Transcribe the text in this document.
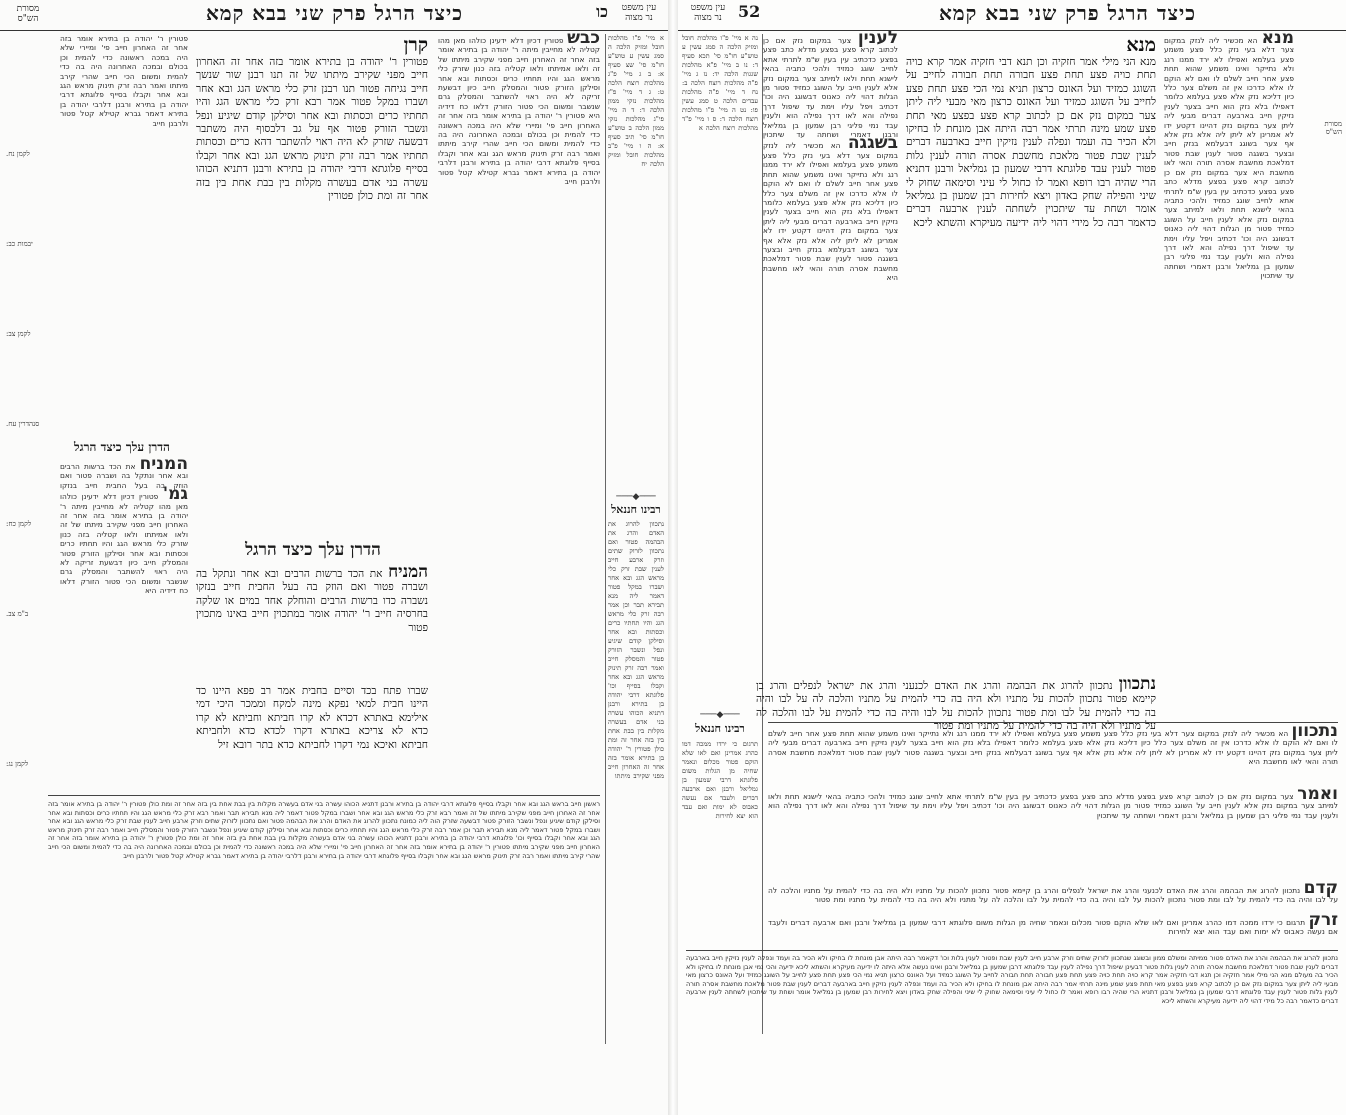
עין משפט
נר מצוה
כו
כיצד הרגל פרק שני בבא קמא
מסורת
הש"ס
א מיי' פ"ו מהלכות חובל ומזיק הלכה ה סמג עשין ע טוש"ע חו"מ סי' שצ סעיף א: ב ג מיי' פ"ג מהלכות רוצח הלכה ט: ג ד מיי' פ"ז מהלכות נזקי ממון הלכה ד: ד ה מיי' פי"ג מהלכות נזקי ממון הלכה ב טוש"ע חו"מ סי' תיב סעיף א: ה ו מיי' פ"ב מהלכות חובל ומזיק הלכה יח
כבש פטורין דכיון דלא ידעינן כולהו מאן מהו קטליה לא מחייבין מיתה ר' יהודה בן בתירא אומר בזה אחר זה האחרון חייב מפני שקירב מיתתו של זה ולאו אמיתתו ולאו קטליה בזה כנון שזרק כלי מראש הגג והיו תחתיו כרים וכסתות ובא אחר וסילקן הזורק פטור והמסלק חייב כיון דבשעת זריקה לא היה ראוי להשתבר והמסלק גרם שנשבר ומשום הכי פטור הזורק דלאו כח דידיה היא פטורין ר' יהודה בן בתירא אומר בזה אחר זה האחרון חייב פי' ומיירי שלא היה במכה ראשונה כדי להמית וכן בכולם ובמכה האחרונה היה בה כדי להמית ומשום הכי חייב שהרי קירב מיתתו ואמר רבה זרק תינוק מראש הגג ובא אחר וקבלו בסייף פלוגתא דרבי יהודה בן בתירא ורבנן דלרבי יהודה בן בתירא דאמר גברא קטילא קטל פטור ולרבנן חייב
קרן
פטורין ר' יהודה בן בתירא אומר בזה אחר זה האחרון חייב מפני שקירב מיתתו של זה תנו רבנן שור שנשך חייב נגיחה פטור תנו רבנן זרק כלי מראש הגג ובא אחר ושברו במקל פטור אמר רבא זרק כלי מראש הגג והיו תחתיו כרים וכסתות ובא אחר וסילקן קודם שיגיע ונפל ונשבר הזורק פטור אף על גב דלבסוף היה משתבר דבשעה שזרק לא היה ראוי להשתבר דהא כרים וכסתות תחתיו אמר רבה זרק תינוק מראש הגג ובא אחר וקבלו בסייף פלוגתא דרבי יהודה בן בתירא ורבנן דתניא הכוהו עשרה בני אדם בעשרה מקלות בין בבת אחת בין בזה אחר זה ומת כולן פטורין
הדרן עלך כיצד הרגל
המניח את הכד ברשות הרבים ובא אחר ונתקל בה ושברה פטור ואם הוזק בה בעל החבית חייב בנזקו נשברה כדו ברשות הרבים והוחלק אחד במים או שלקה בחרסיה חייב ר' יהודה אומר במתכוין חייב באינו מתכוין פטור
שברו פתח בכד וסיים בחבית אמר רב פפא היינו כד היינו חבית למאי נפקא מינה למקח וממכר היכי דמי אילימא באתרא דכדא לא קרו חביתא וחביתא לא קרו כדא לא צריכא באתרא דקרו לכדא כדא ולחביתא חביתא ואיכא נמי דקרו לחביתא כדא בתר רובא זיל
פטורין ר' יהודה בן בתירא אומר בזה אחר זה האחרון חייב פי' ומיירי שלא היה במכה ראשונה כדי להמית וכן בכולם ובמכה האחרונה היה בה כדי להמית ומשום הכי חייב שהרי קירב מיתתו ואמר רבה זרק תינוק מראש הגג ובא אחר וקבלו בסייף פלוגתא דרבי יהודה בן בתירא ורבנן דלרבי יהודה בן בתירא דאמר גברא קטילא קטל פטור ולרבנן חייב
הדרן עלך כיצד הרגל
המניח את הכד ברשות הרבים ובא אחר ונתקל בה ושברה פטור ואם הוזק בה בעל החבית חייב בנזקו גמ' פטורין דכיון דלא ידעינן כולהו מאן מהו קטליה לא מחייבין מיתה ר' יהודה בן בתירא אומר בזה אחר זה האחרון חייב מפני שקירב מיתתו של זה ולאו אמיתתו ולאו קטליה בזה כנון שזרק כלי מראש הגג והיו תחתיו כרים וכסתות ובא אחר וסילקן הזורק פטור והמסלק חייב כיון דבשעת זריקה לא היה ראוי להשתבר והמסלק גרם שנשבר ומשום הכי פטור הזורק דלאו כח דידיה היא
לקמן נח.
יבמות כב:
לקמן צב:
סנהדרין עח.
לקמן כח:
ב"מ צב.
לקמן נג:
───◆───
רבינו חננאל
נתכוון להרוג את האדם והרג את הבהמה פטור ואם נתכוון לזרוק שתים וזרק ארבע חייב לענין שבת זרק כלי מראש הגג ובא אחר ושברו במקל פטור דאמר ליה מנא תבירא תבר וכן אמר רבה זרק כלי מראש הגג והיו תחתיו כרים וכסתות ובא אחר וסילקן קודם שיגיע ונפל ונשבר הזורק פטור והמסלק חייב ואמר רבה זרק תינוק מראש הגג ובא אחר וקבלו בסייף וכו' פלוגתא דרבי יהודה בן בתירא ורבנן דתניא הכוהו עשרה בני אדם בעשרה מקלות בין בבת אחת בין בזה אחר זה ומת כולן פטורין ר' יהודה בן בתירא אומר בזה אחר זה האחרון חייב מפני שקירב מיתתו
ראשון חייב בראש הגג ובא אחר וקבלו בסייף פלוגתא דרבי יהודה בן בתירא ורבנן דתניא הכוהו עשרה בני אדם בעשרה מקלות בין בבת אחת בין בזה אחר זה ומת כולן פטורין ר' יהודה בן בתירא אומר בזה אחר זה האחרון חייב מפני שקירב מיתתו של זה ואמר רבא זרק כלי מראש הגג ובא אחר ושברו במקל פטור דאמר ליה מנא תבירא תבר ואמר רבא זרק כלי מראש הגג והיו תחתיו כרים וכסתות ובא אחר וסילקן קודם שיגיע ונפל ונשבר הזורק פטור דבשעה שזרק הוה ליה כמונח נתכוון להרוג את האדם והרג את הבהמה פטור ואם נתכוון לזרוק שתים וזרק ארבע חייב לענין שבת זרק כלי מראש הגג ובא אחר ושברו במקל פטור דאמר ליה מנא תבירא תבר וכן אמר רבה זרק כלי מראש הגג והיו תחתיו כרים וכסתות ובא אחר וסילקן קודם שיגיע ונפל ונשבר הזורק פטור והמסלק חייב ואמר רבה זרק תינוק מראש הגג ובא אחר וקבלו בסייף וכו' פלוגתא דרבי יהודה בן בתירא ורבנן דתניא הכוהו עשרה בני אדם בעשרה מקלות בין בבת אחת בין בזה אחר זה ומת כולן פטורין ר' יהודה בן בתירא אומר בזה אחר זה האחרון חייב מפני שקירב מיתתו פטורין ר' יהודה בן בתירא אומר בזה אחר זה האחרון חייב פי' ומיירי שלא היה במכה ראשונה כדי להמית וכן בכולם ובמכה האחרונה היה בה כדי להמית ומשום הכי חייב שהרי קירב מיתתו ואמר רבה זרק תינוק מראש הגג ובא אחר וקבלו בסייף פלוגתא דרבי יהודה בן בתירא ורבנן דלרבי יהודה בן בתירא דאמר גברא קטילא קטל פטור ולרבנן חייב
עין משפט
נר מצוה	52	כיצד הרגל פרק שני בבא קמא
מנא הא מכשיר ליה לנזק במקום צער דלא בעי נזק כלל פצע משמע פצע בעלמא ואפילו לא ירד ממנו רנג ולא נתייקר ואינו משמע שהוא תחת פצע אחר חייב לשלם לו ואם לא הוקם לו אלא כדרכו אין זה משלם צער כלל כיון דליכא נזק אלא פצע בעלמא כלומר דאפילו בלא נזק הוא חייב בצער לענין נזיקין חייב בארבעה דברים מבעי ליה ליתן צער במקום נזק דהיינו דקטע ידו לא אמרינן לא ליתן ליה אלא נזק אלא אף צער בשוגג דבעלמא בנזק חייב ובצער בשגגה פטור לענין שבת פטור דמלאכת מחשבת אסרה תורה והאי לאו מחשבת היא צער במקום נזק אם כן לכתוב קרא פצע בפצע מדלא כתב פצע בפצע כדכתיב עין בעין ש"מ לתרתי אתא לחייב שוגג כמזיד ולהכי כתביה בהאי לישנא תחת ולאו למיתב צער במקום נזק אלא לענין חייב על השוגג כמזיד פטור מן הגלות דהוי ליה כאנוס דבשוגג היה וכו' דכתיב ויפל עליו וימת עד שיפול דרך נפילה והא לאו דרך נפילה הוא ולענין עבד נמי פליגי רבן שמעון בן גמליאל ורבנן דאמרי ושחתה עד שיתכוין
מסורת
הש"ס
מנא
מנא הני מילי אמר חזקיה וכן תנא דבי חזקיה אמר קרא כויה תחת כויה פצע תחת פצע חבורה תחת חבורה לחייב על השוגג כמזיד ועל האונס כרצון תניא נמי הכי פצע תחת פצע לחייב על השוגג כמזיד ועל האונס כרצון מאי מבעי ליה ליתן צער במקום נזק אם כן לכתוב קרא פצע בפצע מאי תחת פצע שמע מינה תרתי אמר רבה היתה אבן מונחת לו בחיקו ולא הכיר בה ועמד ונפלה לענין נזיקין חייב בארבעה דברים לענין שבת פטור מלאכת מחשבת אסרה תורה לענין גלות פטור לענין עבד פלוגתא דרבי שמעון בן גמליאל ורבנן דתניא הרי שהיה רבו רופא ואמר לו כחול לי עיני וסימאה שחוק לי שיני והפילה שחק באדון ויצא לחירות רבן שמעון בן גמליאל אומר ושחת עד שיתכוין לשחתה לענין ארבעה דברים כדאמר רבה כל מידי דהוי ליה ידיעה מעיקרא והשתא ליכא
לענין צער במקום נזק אם כן לכתוב קרא פצע בפצע מדלא כתב פצע בפצע כדכתיב עין בעין ש"מ לתרתי אתא לחייב שוגג כמזיד ולהכי כתביה בהאי לישנא תחת ולאו למיתב צער במקום נזק אלא לענין חייב על השוגג כמזיד פטור מן הגלות דהוי ליה כאנוס דבשוגג היה וכו' דכתיב ויפל עליו וימת עד שיפול דרך נפילה והא לאו דרך נפילה הוא ולענין עבד נמי פליגי רבן שמעון בן גמליאל ורבנן דאמרי ושחתה עד שיתכוין בשגגה הא מכשיר ליה לנזק במקום צער דלא בעי נזק כלל פצע משמע פצע בעלמא ואפילו לא ירד ממנו רנג ולא נתייקר ואינו משמע שהוא תחת פצע אחר חייב לשלם לו ואם לא הוקם לו אלא כדרכו אין זה משלם צער כלל כיון דליכא נזק אלא פצע בעלמא כלומר דאפילו בלא נזק הוא חייב בצער לענין נזיקין חייב בארבעה דברים מבעי ליה ליתן צער במקום נזק דהיינו דקטע ידו לא אמרינן לא ליתן ליה אלא נזק אלא אף צער בשוגג דבעלמא בנזק חייב ובצער בשגגה פטור לענין שבת פטור דמלאכת מחשבת אסרה תורה והאי לאו מחשבת היא
נה א מיי' פ"ו מהלכות חובל ומזיק הלכה ה סמג עשין ע טוש"ע חו"מ סי' תכא סעיף ד: נו ב מיי' פ"א מהלכות שגגות הלכה יד: נז ג מיי' פ"ה מהלכות רוצח הלכה ב: נח ד מיי' פ"ה מהלכות עבדים הלכה ט סמג עשין פו: נט ה מיי' פ"ו מהלכות רוצח הלכה ד: ס ו מיי' פ"ד מהלכות רוצח הלכה א
───◆───
רבינו חננאל
תרגום כי ירדו ממכה דמו כהרג אמרינן ואם לאו שלא הוקם פטור מכלום ונאמר שחיה מן הגלות משום פלוגתא דרבי שמעון בן גמליאל ורבנן ואם ארבעה דברים ולעבד אם נעשה כאבוס לא ימות ואם עבד הוא יצא לחירות
נתכוון נתכוון להרוג את הבהמה והרג את האדם לכנעני והרג את ישראל לנפלים והרג בן קיימא פטור נתכוון להכות על מתניו ולא היה בה כדי להמית על מתניו והלכה לה על לבו והיה בה כדי להמית על לבו ומת פטור נתכוון להכות על לבו והיה בה כדי להמית על לבו והלכה לה על מתניו ולא היה בה כדי להמית על מתניו ומת פטור	נתכוון הא מכשיר ליה לנזק במקום צער דלא בעי נזק כלל פצע משמע פצע בעלמא ואפילו לא ירד ממנו רנג ולא נתייקר ואינו משמע שהוא תחת פצע אחר חייב לשלם לו ואם לא הוקם לו אלא כדרכו אין זה משלם צער כלל כיון דליכא נזק אלא פצע בעלמא כלומר דאפילו בלא נזק הוא חייב בצער לענין נזיקין חייב בארבעה דברים מבעי ליה ליתן צער במקום נזק דהיינו דקטע ידו לא אמרינן לא ליתן ליה אלא נזק אלא אף צער בשוגג דבעלמא בנזק חייב ובצער בשגגה פטור לענין שבת פטור דמלאכת מחשבת אסרה תורה והאי לאו מחשבת היא
ואמר צער במקום נזק אם כן לכתוב קרא פצע בפצע מדלא כתב פצע בפצע כדכתיב עין בעין ש"מ לתרתי אתא לחייב שוגג כמזיד ולהכי כתביה בהאי לישנא תחת ולאו למיתב צער במקום נזק אלא לענין חייב על השוגג כמזיד פטור מן הגלות דהוי ליה כאנוס דבשוגג היה וכו' דכתיב ויפל עליו וימת עד שיפול דרך נפילה והא לאו דרך נפילה הוא ולענין עבד נמי פליגי רבן שמעון בן גמליאל ורבנן דאמרי ושחתה עד שיתכוין
קדם נתכוון להרוג את הבהמה והרג את האדם לכנעני והרג את ישראל לנפלים והרג בן קיימא פטור נתכוון להכות על מתניו ולא היה בה כדי להמית על מתניו והלכה לה על לבו והיה בה כדי להמית על לבו ומת פטור נתכוון להכות על לבו והיה בה כדי להמית על לבו והלכה לה על מתניו ולא היה בה כדי להמית על מתניו ומת פטור
זרק תרגום כי ירדו ממכה דמו כהרג אמרינן ואם לאו שלא הוקם פטור מכלום ונאמר שחיה מן הגלות משום פלוגתא דרבי שמעון בן גמליאל ורבנן ואם ארבעה דברים ולעבד אם נעשה כאבוס לא ימות ואם עבד הוא יצא לחירות
נתכוון להרוג את הבהמה והרג את האדם פטור ממיתה ומשלם ממון ובשוגג שנתכוון לזרוק שתים וזרק ארבע חייב לענין שבת ופטור לענין גלות וכו' דקאמר רבה היתה אבן מונחת לו בחיקו ולא הכיר בה ועמד ונפלה לענין נזיקין חייב בארבעה דברים לענין שבת פטור דמלאכת מחשבת אסרה תורה לענין גלות פטור דבעינן שיפול דרך נפילה לענין עבד פלוגתא דרבן שמעון בן גמליאל ורבנן ואינו נעשה אלא היתה לו ידיעה מעיקרא והשתא ליכא ידיעה והכי נמי אבן מונחת לו בחיקו ולא הכיר בה מעולם מנא הני מילי אמר חזקיה וכן תנא דבי חזקיה אמר קרא כויה תחת כויה פצע תחת פצע חבורה תחת חבורה לחייב על השוגג כמזיד ועל האונס כרצון תניא נמי הכי פצע תחת פצע לחייב על השוגג כמזיד ועל האונס כרצון מאי מבעי ליה ליתן צער במקום נזק אם כן לכתוב קרא פצע בפצע מאי תחת פצע שמע מינה תרתי אמר רבה היתה אבן מונחת לו בחיקו ולא הכיר בה ועמד ונפלה לענין נזיקין חייב בארבעה דברים לענין שבת פטור מלאכת מחשבת אסרה תורה לענין גלות פטור לענין עבד פלוגתא דרבי שמעון בן גמליאל ורבנן דתניא הרי שהיה רבו רופא ואמר לו כחול לי עיני וסימאה שחוק לי שיני והפילה שחק באדון ויצא לחירות רבן שמעון בן גמליאל אומר ושחת עד שיתכוין לשחתה לענין ארבעה דברים כדאמר רבה כל מידי דהוי ליה ידיעה מעיקרא והשתא ליכא
